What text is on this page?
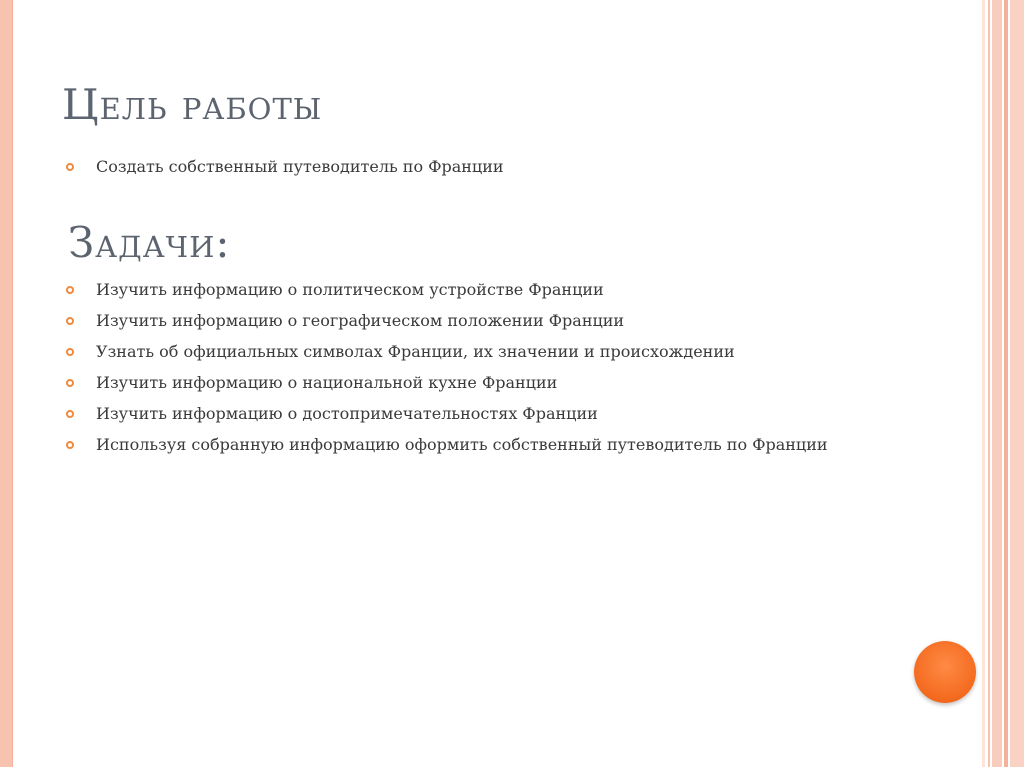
Цель работы
Создать собственный путеводитель по Франции
Задачи:
Изучить информацию о политическом устройстве Франции
Изучить информацию о географическом положении Франции
Узнать об официальных символах Франции, их значении и происхождении
Изучить информацию о национальной кухне Франции
Изучить информацию о достопримечательностях Франции
Используя собранную информацию оформить собственный путеводитель по Франции
